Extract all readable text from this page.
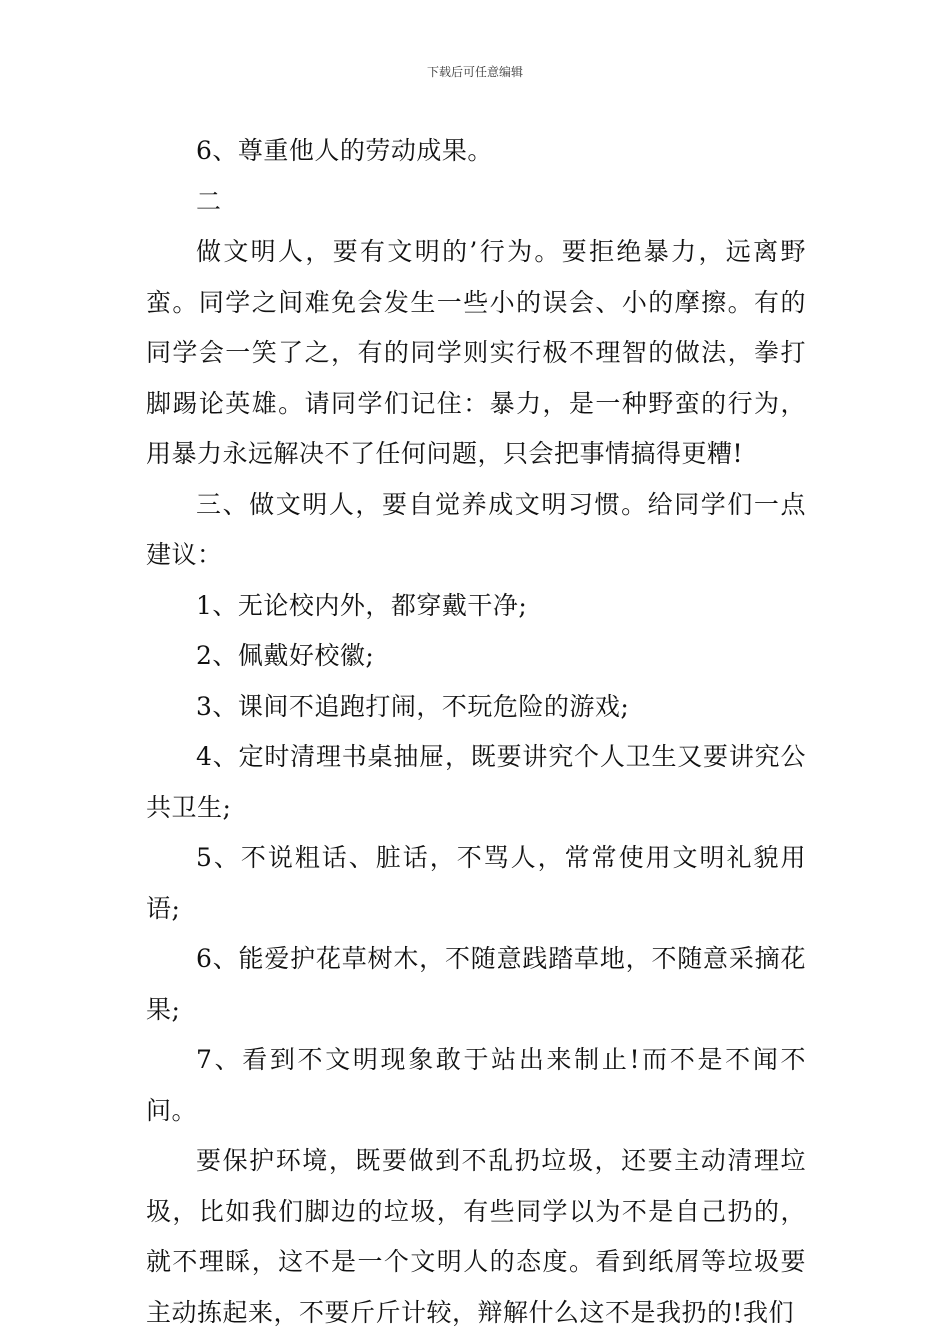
下载后可任意编辑

6、尊重他人的劳动成果。

二

做文明人，要有文明的’行为。要拒绝暴力，远离野蛮。同学之间难免会发生一些小的误会、小的摩擦。有的同学会一笑了之，有的同学则实行极不理智的做法，拳打脚踢论英雄。请同学们记住：暴力，是一种野蛮的行为，用暴力永远解决不了任何问题，只会把事情搞得更糟!

三、做文明人，要自觉养成文明习惯。给同学们一点建议：

1、无论校内外，都穿戴干净;

2、佩戴好校徽;

3、课间不追跑打闹，不玩危险的游戏;

4、定时清理书桌抽屉，既要讲究个人卫生又要讲究公共卫生;

5、不说粗话、脏话，不骂人，常常使用文明礼貌用语;

6、能爱护花草树木，不随意践踏草地，不随意采摘花果;

7、看到不文明现象敢于站出来制止!而不是不闻不问。

要保护环境，既要做到不乱扔垃圾，还要主动清理垃圾，比如我们脚边的垃圾，有些同学以为不是自己扔的，就不理睬，这不是一个文明人的态度。看到纸屑等垃圾要主动拣起来，不要斤斤计较，辩解什么这不是我扔的!我们
